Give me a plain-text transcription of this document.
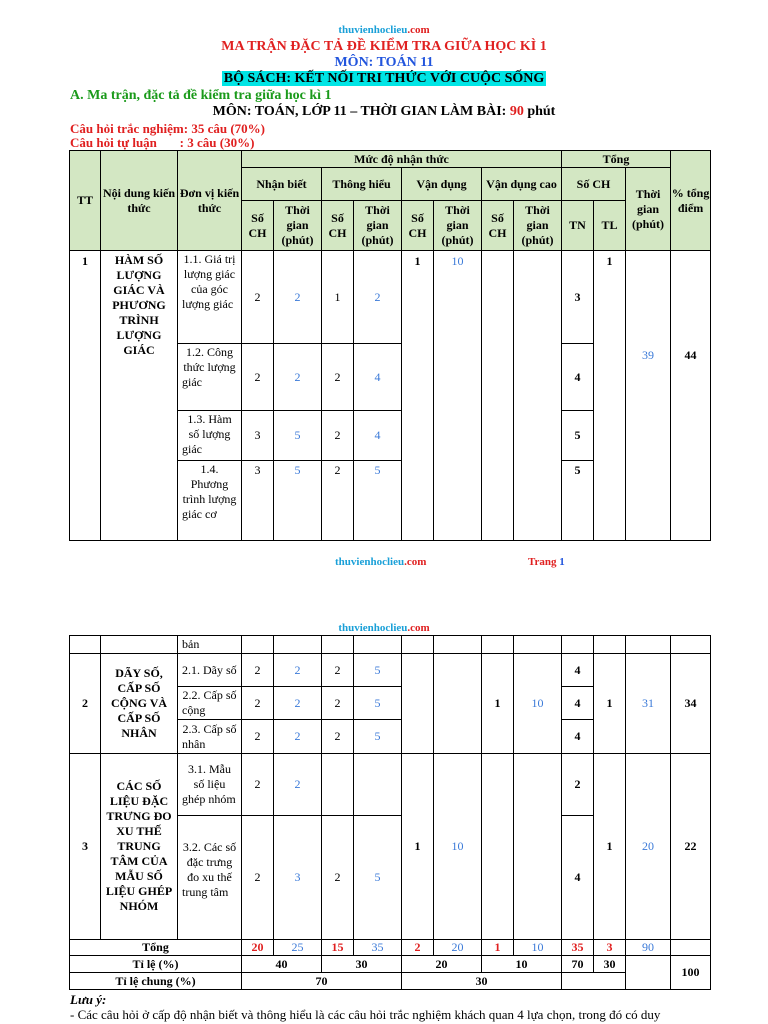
thuvienhoclieu.com
MA TRẬN ĐẶC TẢ ĐỀ KIỂM TRA GIỮA HỌC KÌ 1
MÔN: TOÁN 11
BỘ SÁCH: KẾT NỐI TRI THỨC VỚI CUỘC SỐNG
A. Ma trận, đặc tả đề kiểm tra giữa học kì 1
MÔN: TOÁN, LỚP 11 – THỜI GIAN LÀM BÀI: 90 phút
Câu hỏi trắc nghiệm: 35 câu (70%)
Câu hỏi tự luận       : 3 câu (30%)
TT	Nội dung kiến thức	Đơn vị kiến thức	Mức độ nhận thức								Tổng			% tổng điểm
			Nhận biết		Thông hiểu		Vận dụng		Vận dụng cao		Số CH		Thời gian (phút)	
			Số CH	Thời gian (phút)	Số CH	Thời gian (phút)	Số CH	Thời gian (phút)	Số CH	Thời gian (phút)	TN	TL		
1	HÀM SỐ LƯỢNG GIÁC VÀ PHƯƠNG TRÌNH LƯỢNG GIÁC	1.1. Giá trị lượng giác của góc lượng giác	2	2	1	2	1	10			3	1	39	44
		1.2. Công thức lượng giác	2	2	2	4					4			
		1.3. Hàm số lượng giác	3	5	2	4					5			
		1.4. Phương trình lượng giác cơ	3	5	2	5					5			
thuvienhoclieu.com	Trang 1
thuvienhoclieu.com
		bản												
2	DÃY SỐ, CẤP SỐ CỘNG VÀ CẤP SỐ NHÂN	2.1. Dãy số	2	2	2	5			1	10	4	1	31	34
		2.2. Cấp số cộng	2	2	2	5					4			
		2.3. Cấp số nhân	2	2	2	5					4			
3	CÁC SỐ LIỆU ĐẶC TRƯNG ĐO XU THẾ TRUNG TÂM CỦA MẪU SỐ LIỆU GHÉP NHÓM	3.1. Mẫu số liệu ghép nhóm	2	2			1	10			2	1	20	22
		3.2. Các số đặc trưng đo xu thế trung tâm	2	3	2	5					4			
Tổng			20	25	15	35	2	20	1	10	35	3	90	
Tỉ lệ (%)			40		30		20		10		70	30		100
Tỉ lệ chung (%)			70				30							
Lưu ý:
- Các câu hỏi ở cấp độ nhận biết và thông hiểu là các câu hỏi trắc nghiệm khách quan 4 lựa chọn, trong đó có duy
